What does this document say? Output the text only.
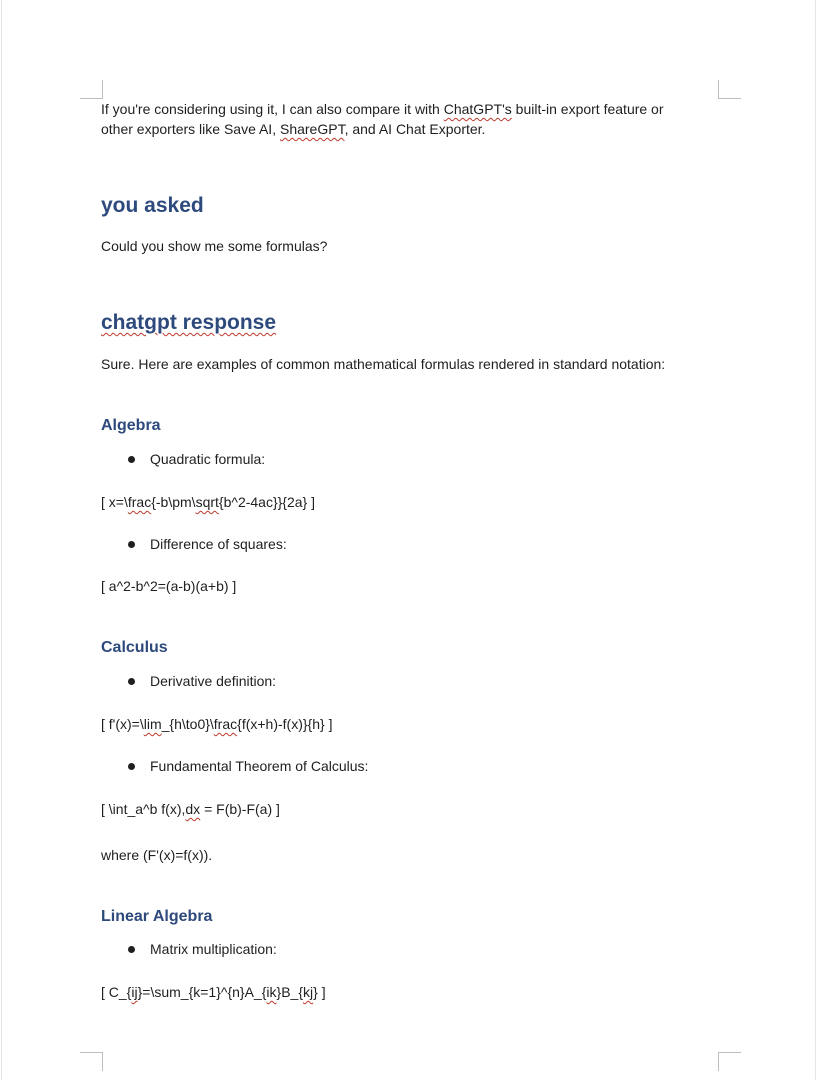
If you're considering using it, I can also compare it with ChatGPT's built-in export feature or

other exporters like Save AI, ShareGPT, and AI Chat Exporter.

you asked

Could you show me some formulas?

chatgpt response

Sure. Here are examples of common mathematical formulas rendered in standard notation:

Algebra
Quadratic formula:

[ x=\frac{-b\pm\sqrt{b^2-4ac}}{2a} ]

Difference of squares:

[ a^2-b^2=(a-b)(a+b) ]

Calculus
Derivative definition:

[ f'(x)=\lim_{h\to0}\frac{f(x+h)-f(x)}{h} ]

Fundamental Theorem of Calculus:

[ \int_a^b f(x),dx = F(b)-F(a) ]

where (F'(x)=f(x)).

Linear Algebra
Matrix multiplication:

[ C_{ij}=\sum_{k=1}^{n}A_{ik}B_{kj} ]
